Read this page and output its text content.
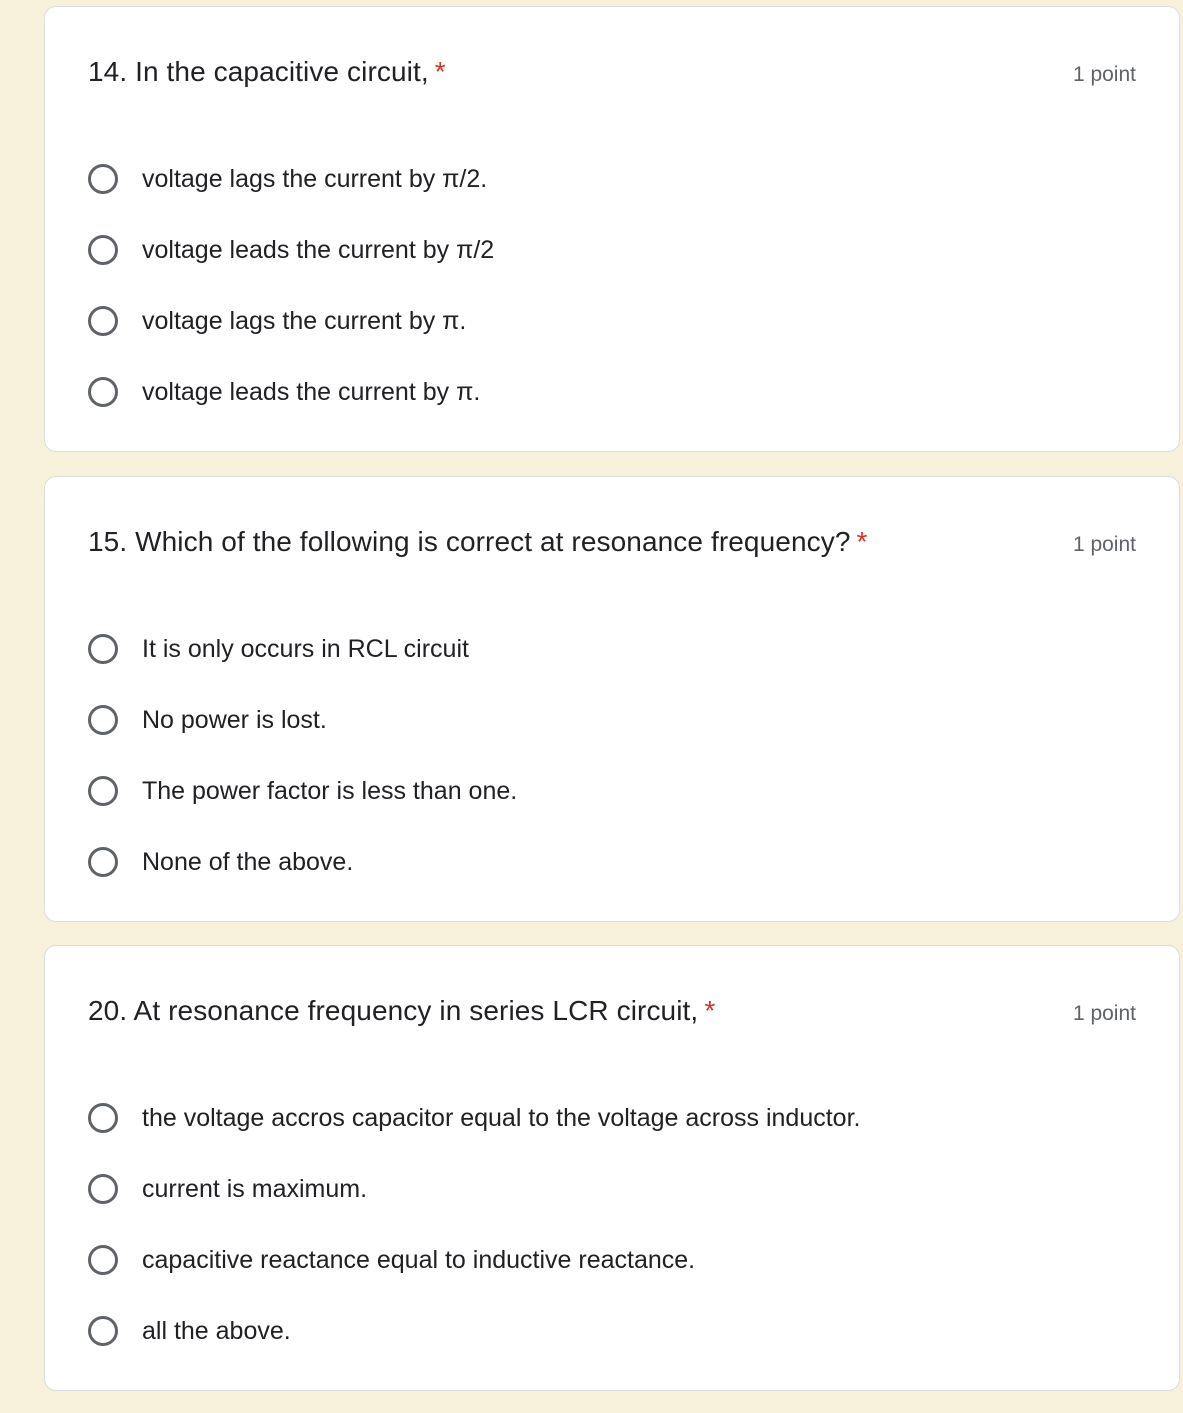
14. In the capacitive circuit, *	1 point
voltage lags the current by π/2.
voltage leads the current by π/2
voltage lags the current by π.
voltage leads the current by π.
15. Which of the following is correct at resonance frequency? *	1 point
It is only occurs in RCL circuit
No power is lost.
The power factor is less than one.
None of the above.
20. At resonance frequency in series LCR circuit, *	1 point
the voltage accros capacitor equal to the voltage across inductor.
current is maximum.
capacitive reactance equal to inductive reactance.
all the above.
